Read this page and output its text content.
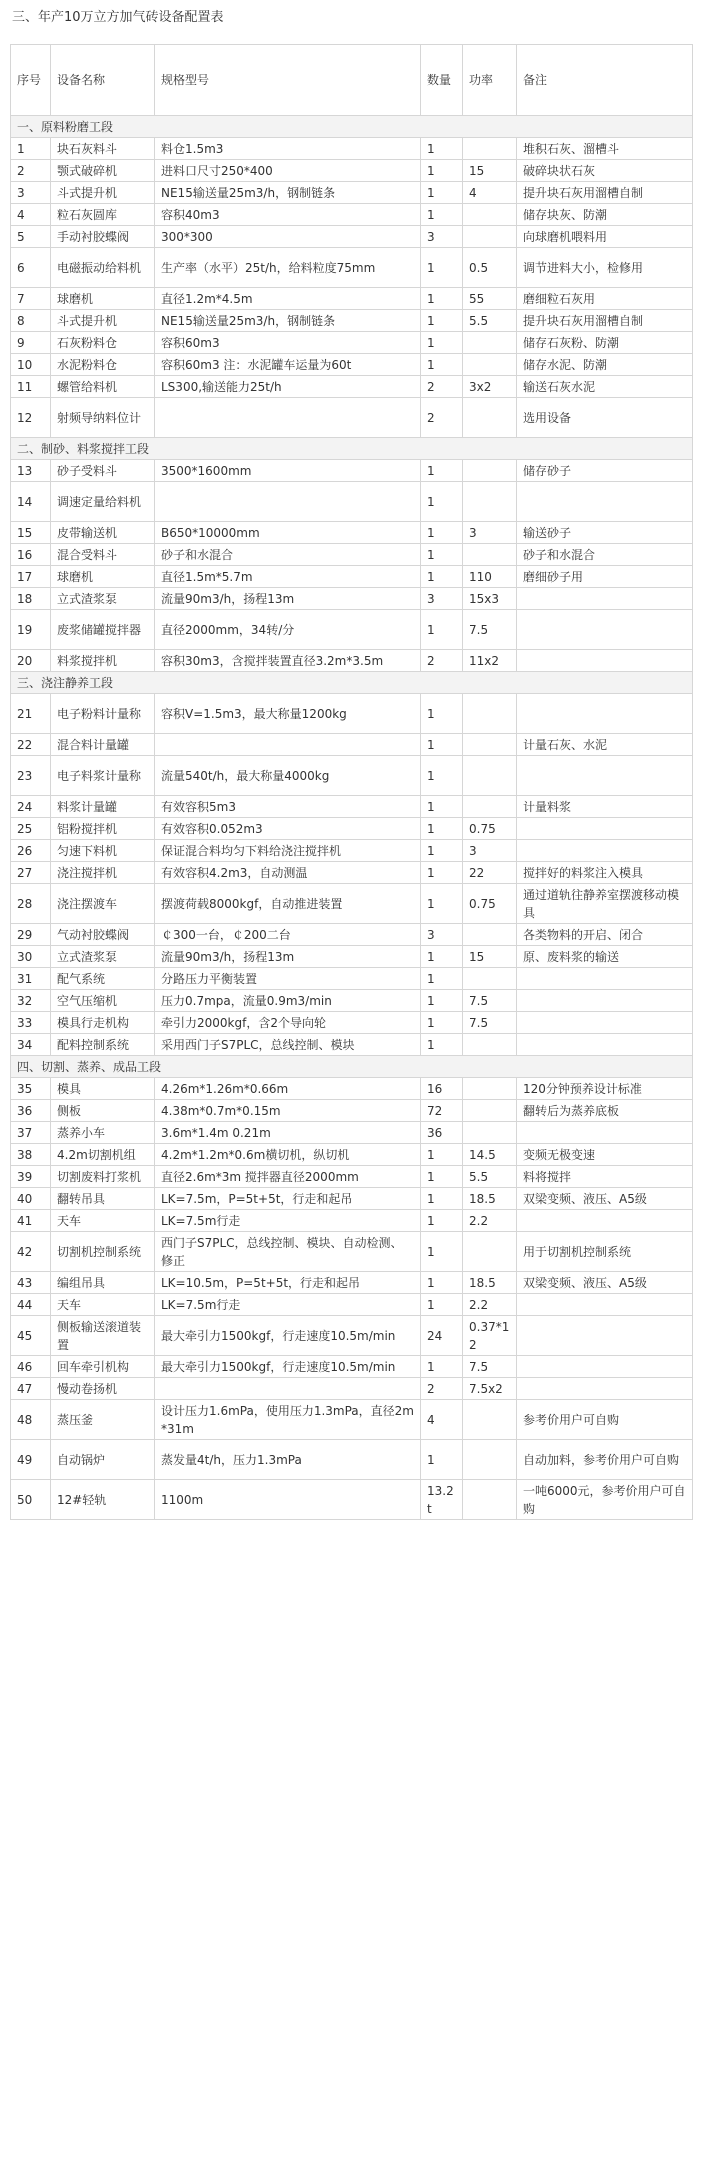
三、年产10万立方加气砖设备配置表
序号	设备名称	规格型号	数量	功率	备注
一、原料粉磨工段					
1	块石灰料斗	料仓1.5m3	1		堆积石灰、溜槽斗
2	颚式破碎机	进料口尺寸250*400	1	15	破碎块状石灰
3	斗式提升机	NE15输送量25m3/h，钢制链条	1	4	提升块石灰用溜槽自制
4	粒石灰圆库	容积40m3	1		储存块灰、防潮
5	手动衬胶蝶阀	300*300	3		向球磨机喂料用
6	电磁振动给料机	生产率（水平）25t/h，给料粒度75mm	1	0.5	调节进料大小，检修用
7	球磨机	直径1.2m*4.5m	1	55	磨细粒石灰用
8	斗式提升机	NE15输送量25m3/h，钢制链条	1	5.5	提升块石灰用溜槽自制
9	石灰粉料仓	容积60m3	1		储存石灰粉、防潮
10	水泥粉料仓	容积60m3 注：水泥罐车运量为60t	1		储存水泥、防潮
11	螺管给料机	LS300,输送能力25t/h	2	3x2	输送石灰水泥
12	射频导纳料位计		2		选用设备
二、制砂、料浆搅拌工段					
13	砂子受料斗	3500*1600mm	1		储存砂子
14	调速定量给料机		1		
15	皮带输送机	B650*10000mm	1	3	输送砂子
16	混合受料斗	砂子和水混合	1		砂子和水混合
17	球磨机	直径1.5m*5.7m	1	110	磨细砂子用
18	立式渣浆泵	流量90m3/h，扬程13m	3	15x3	
19	废浆储罐搅拌器	直径2000mm，34转/分	1	7.5	
20	料浆搅拌机	容积30m3，含搅拌装置直径3.2m*3.5m	2	11x2	
三、浇注静养工段					
21	电子粉料计量称	容积V=1.5m3，最大称量1200kg	1		
22	混合料计量罐		1		计量石灰、水泥
23	电子料浆计量称	流量540t/h，最大称量4000kg	1		
24	料浆计量罐	有效容积5m3	1		计量料浆
25	铝粉搅拌机	有效容积0.052m3	1	0.75	
26	匀速下料机	保证混合料均匀下料给浇注搅拌机	1	3	
27	浇注搅拌机	有效容积4.2m3，自动测温	1	22	搅拌好的料浆注入模具
28	浇注摆渡车	摆渡荷载8000kgf，自动推进装置	1	0.75	通过道轨往静养室摆渡移动模具
29	气动衬胶蝶阀	￠300一台，￠200二台	3		各类物料的开启、闭合
30	立式渣浆泵	流量90m3/h，扬程13m	1	15	原、废料浆的输送
31	配气系统	分路压力平衡装置	1		
32	空气压缩机	压力0.7mpa，流量0.9m3/min	1	7.5	
33	模具行走机构	牵引力2000kgf，含2个导向轮	1	7.5	
34	配料控制系统	采用西门子S7PLC，总线控制、模块	1		
四、切割、蒸养、成品工段					
35	模具	4.26m*1.26m*0.66m	16		120分钟预养设计标准
36	侧板	4.38m*0.7m*0.15m	72		翻转后为蒸养底板
37	蒸养小车	3.6m*1.4m 0.21m	36		
38	4.2m切割机组	4.2m*1.2m*0.6m横切机，纵切机	1	14.5	变频无极变速
39	切割废料打浆机	直径2.6m*3m 搅拌器直径2000mm	1	5.5	料将搅拌
40	翻转吊具	LK=7.5m，P=5t+5t，行走和起吊	1	18.5	双梁变频、液压、A5级
41	天车	LK=7.5m行走	1	2.2	
42	切割机控制系统	西门子S7PLC，总线控制、模块、自动检测、修正	1		用于切割机控制系统
43	编组吊具	LK=10.5m，P=5t+5t，行走和起吊	1	18.5	双梁变频、液压、A5级
44	天车	LK=7.5m行走	1	2.2	
45	侧板输送滚道装置	最大牵引力1500kgf，行走速度10.5m/min	24	0.37*12	
46	回车牵引机构	最大牵引力1500kgf，行走速度10.5m/min	1	7.5	
47	慢动卷扬机		2	7.5x2	
48	蒸压釜	设计压力1.6mPa，使用压力1.3mPa，直径2m*31m	4		参考价用户可自购
49	自动锅炉	蒸发量4t/h，压力1.3mPa	1		自动加料，参考价用户可自购
50	12#轻轨	1100m	13.2t		一吨6000元，参考价用户可自购
